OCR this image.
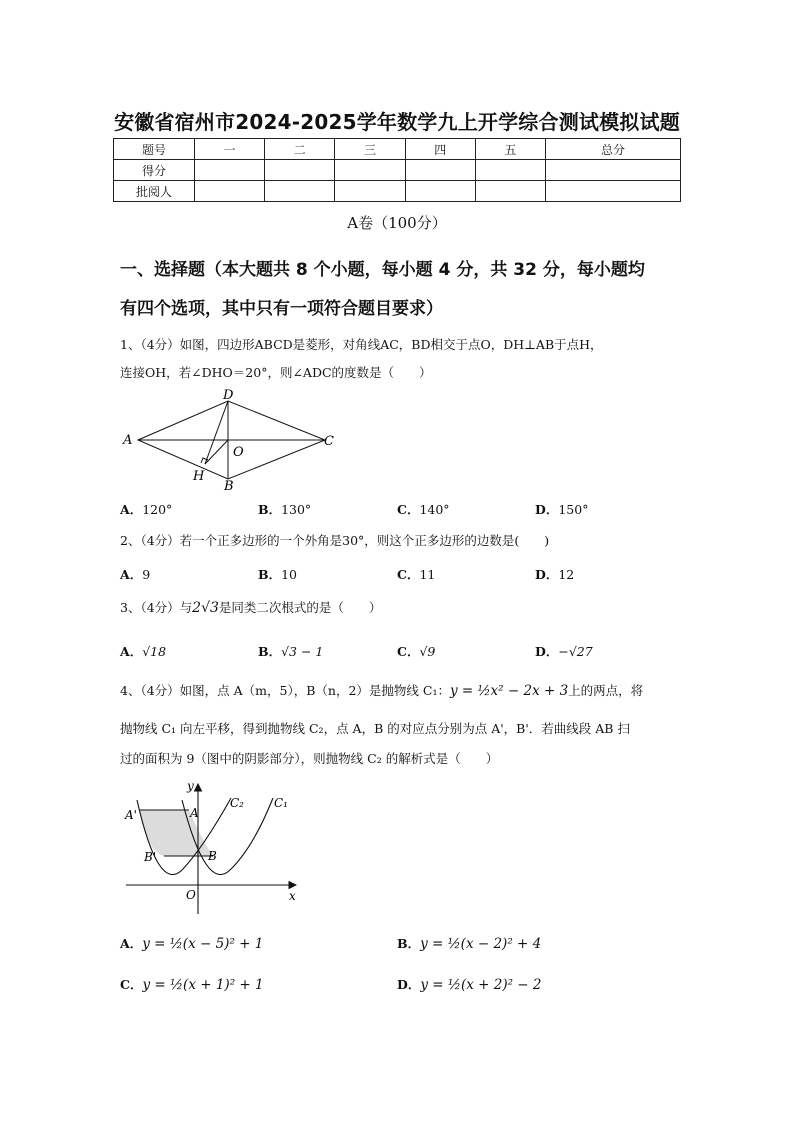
安徽省宿州市2024-2025学年数学九上开学综合测试模拟试题
题号	一	二	三	四	五	总分
得分						
批阅人						
A卷（100分）
一、选择题（本大题共 8 个小题，每小题 4 分，共 32 分，每小题均
有四个选项，其中只有一项符合题目要求）
1、（4分）如图，四边形ABCD是菱形，对角线AC，BD相交于点O，DH⊥AB于点H，
连接OH，若∠DHO＝20°，则∠ADC的度数是（　　）
A
D
C
O
H
B
A．120°	B．130°	C．140°	D．150°
2、（4分）若一个正多边形的一个外角是30°，则这个正多边形的边数是(　　)
A．9	B．10	C．11	D．12
3、（4分）与2√3是同类二次根式的是（　　）
A．√18	B．√3 − 1	C．√9	D．−√27
4、（4分）如图，点 A（m，5），B（n，2）是抛物线 C₁：y = ½x² − 2x + 3上的两点，将
抛物线 C₁ 向左平移，得到抛物线 C₂，点 A，B 的对应点分别为点 A'，B'．若曲线段 AB 扫
过的面积为 9（图中的阴影部分），则抛物线 C₂ 的解析式是（　　）
y
x
O
A
B
A'
B'
C₂	C₁
A．y = ½(x − 5)² + 1	B．y = ½(x − 2)² + 4
C．y = ½(x + 1)² + 1	D．y = ½(x + 2)² − 2
